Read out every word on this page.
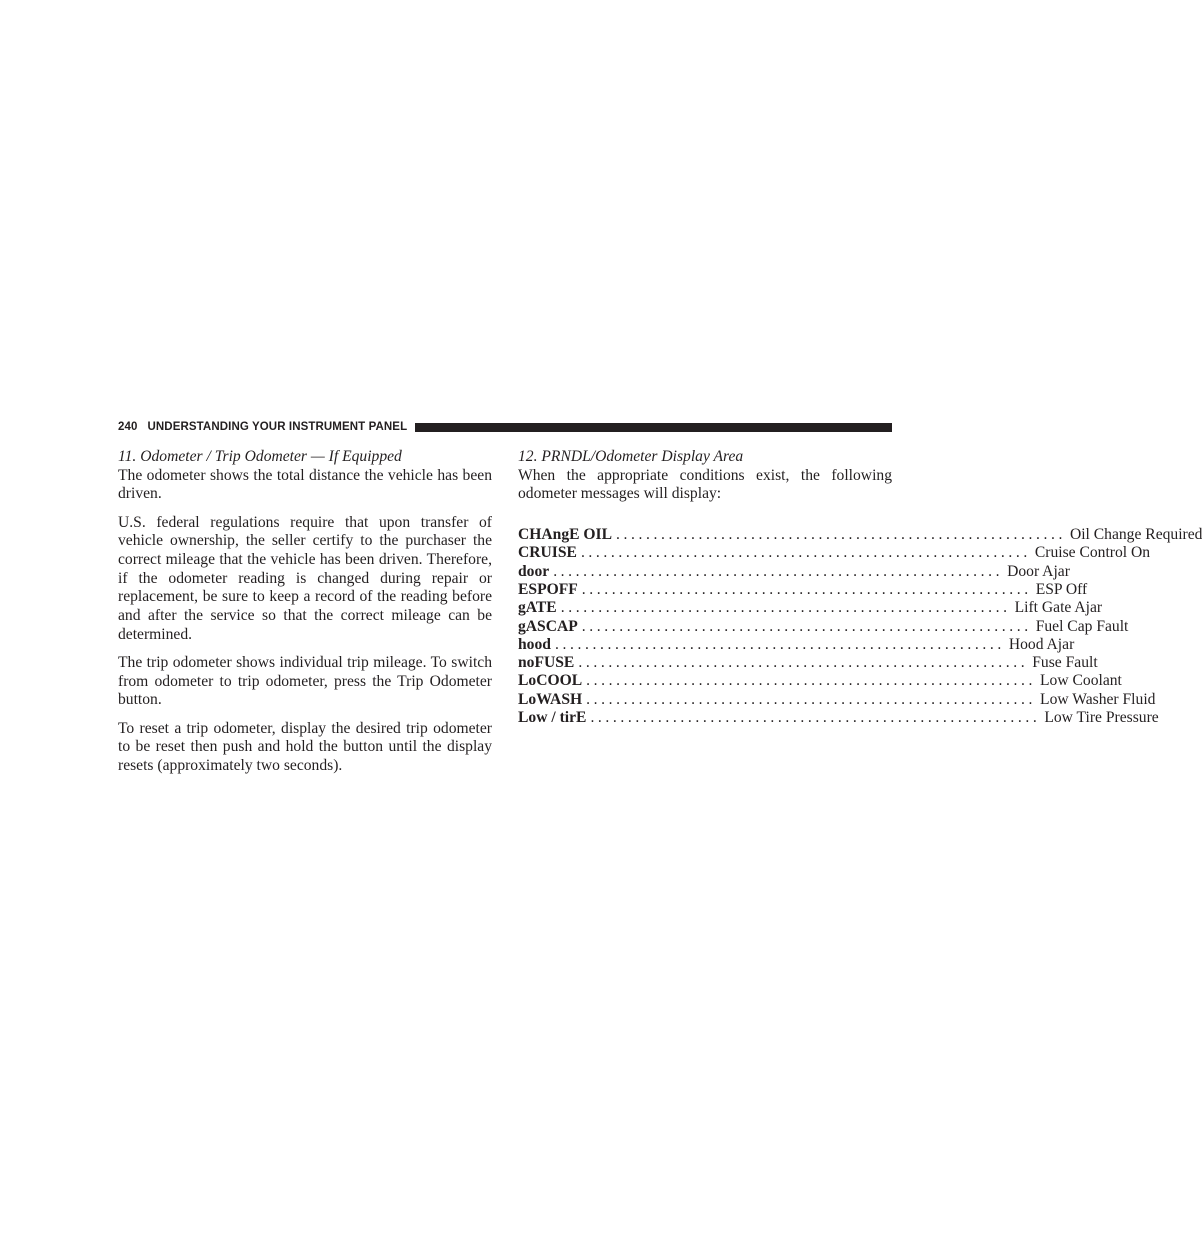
240 UNDERSTANDING YOUR INSTRUMENT PANEL

11. Odometer / Trip Odometer — If Equipped

The odometer shows the total distance the vehicle has been driven.

U.S. federal regulations require that upon transfer of vehicle ownership, the seller certify to the purchaser the correct mileage that the vehicle has been driven. Therefore, if the odometer reading is changed during repair or replacement, be sure to keep a record of the reading before and after the service so that the correct mileage can be determined.

The trip odometer shows individual trip mileage. To switch from odometer to trip odometer, press the Trip Odometer button.

To reset a trip odometer, display the desired trip odometer to be reset then push and hold the button until the display resets (approximately two seconds).

12. PRNDL/Odometer Display Area

When the appropriate conditions exist, the following odometer messages will display:

CHAngE OIL ............................................................ Oil Change Required
CRUISE ............................................................ Cruise Control On
door ............................................................ Door Ajar
ESPOFF ............................................................ ESP Off
gATE ............................................................ Lift Gate Ajar
gASCAP ............................................................ Fuel Cap Fault
hood ............................................................ Hood Ajar
noFUSE ............................................................ Fuse Fault
LoCOOL ............................................................ Low Coolant
LoWASH ............................................................ Low Washer Fluid
Low / tirE ............................................................ Low Tire Pressure
